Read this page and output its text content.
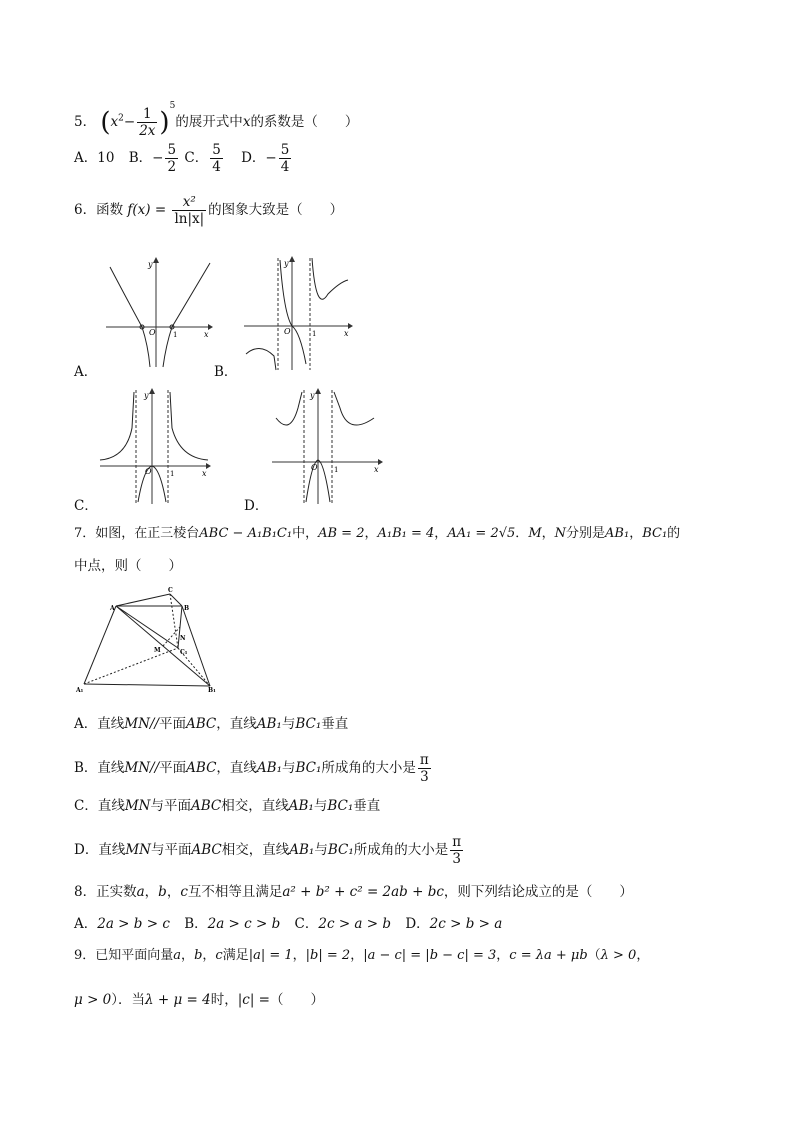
5． $(x^2- \frac{1}{2x} )^5$的展开式中x的系数是（　　）
A．10 B．− $\frac{5}{2}$ C． $\frac{5}{4}$ D．− $\frac{5}{4}$
6．函数 $f(x) = \frac{\text{x²}}{\ln|x|}$ 的图象大致是（　　）
y
x
O 1
A．
y
x
O	1
B．
y
x
O	1
C．
y
x
O 1
D．
7．如图，在正三棱台ABC − A₁B₁C₁中，AB = 2，A₁B₁ = 4，AA₁ = 2√5．M，N分别是AB₁，BC₁的
中点，则（　　）
A
C
B
N
C₁
M
A₁	B₁
A．直线MN//平面ABC，直线AB₁与BC₁垂直
B．直线MN//平面ABC，直线AB₁与BC₁所成角的大小是 $\frac{\pi}{3}$
C．直线MN与平面ABC相交，直线AB₁与BC₁垂直
D．直线MN与平面ABC相交，直线AB₁与BC₁所成角的大小是 $\frac{\pi}{3}$
8．正实数a，b，c互不相等且满足a² + b² + c² = 2ab + bc，则下列结论成立的是（　　）
A．2a > b > c B．2a > c > b C．2c > a > b D．2c > b > a
9．已知平面向量a，b，c满足|a| = 1，|b| = 2，|a − c| = |b − c| = 3，c = λa + μb（λ > 0，
μ > 0）．当λ + μ = 4时，|c| =（　　）
